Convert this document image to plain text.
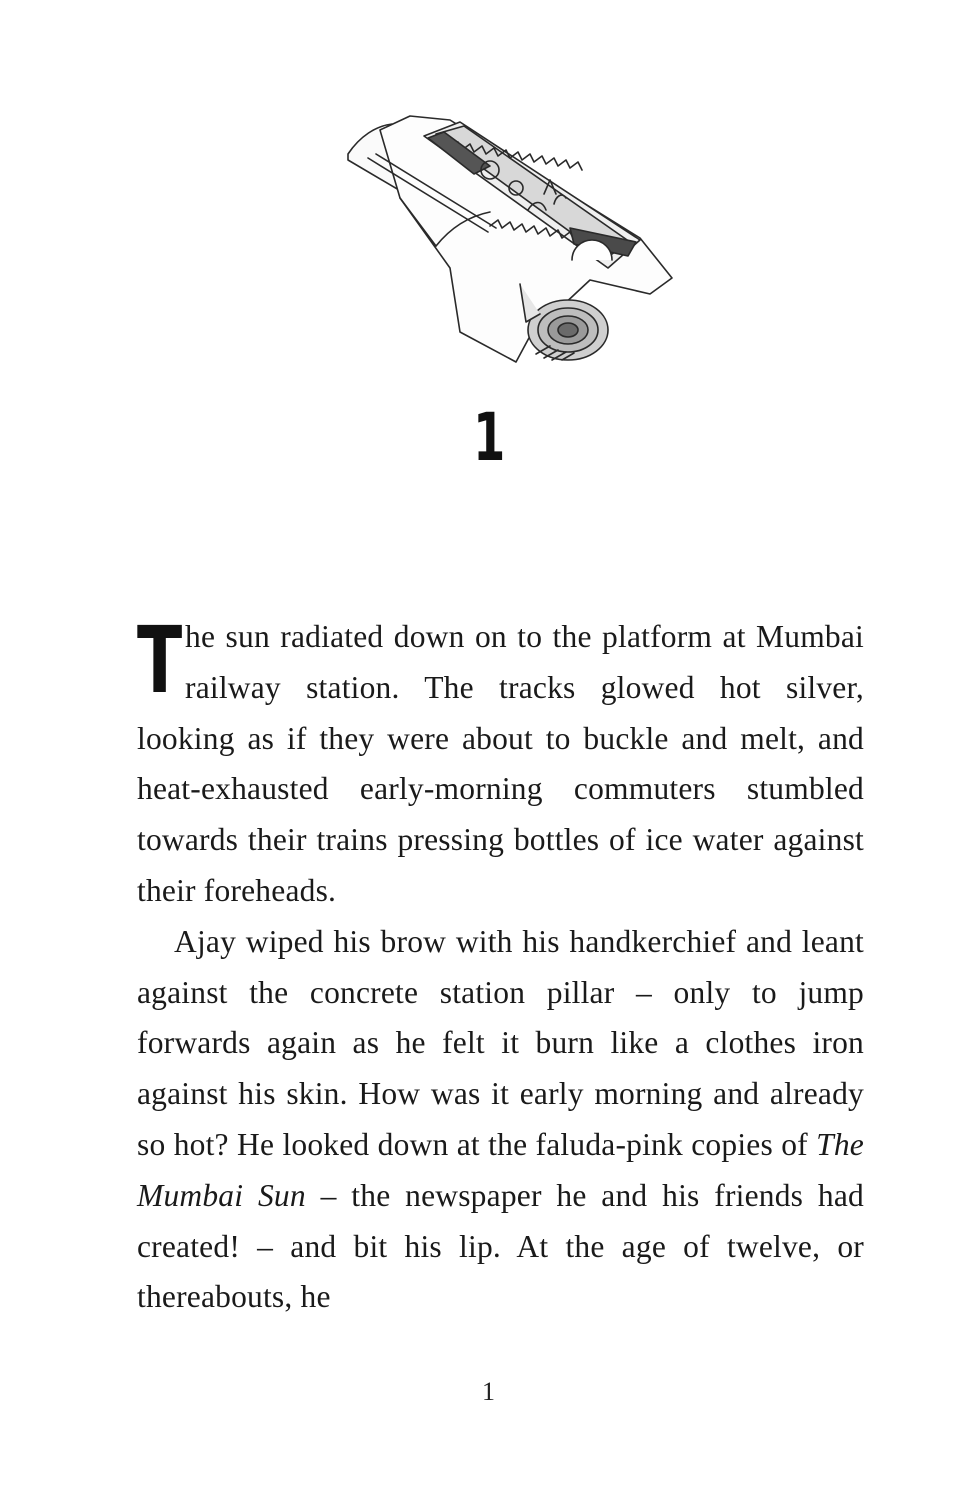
1

The sun radiated down on to the platform at Mumbai railway station. The tracks glowed hot silver, looking as if they were about to buckle and melt, and heat-exhausted early-morning commuters stumbled towards their trains pressing bottles of ice water against their foreheads.

Ajay wiped his brow with his handkerchief and leant against the concrete station pillar – only to jump forwards again as he felt it burn like a clothes iron against his skin. How was it early morning and already so hot? He looked down at the faluda-pink copies of The Mumbai Sun – the newspaper he and his friends had created! – and bit his lip. At the age of twelve, or thereabouts, he

1
